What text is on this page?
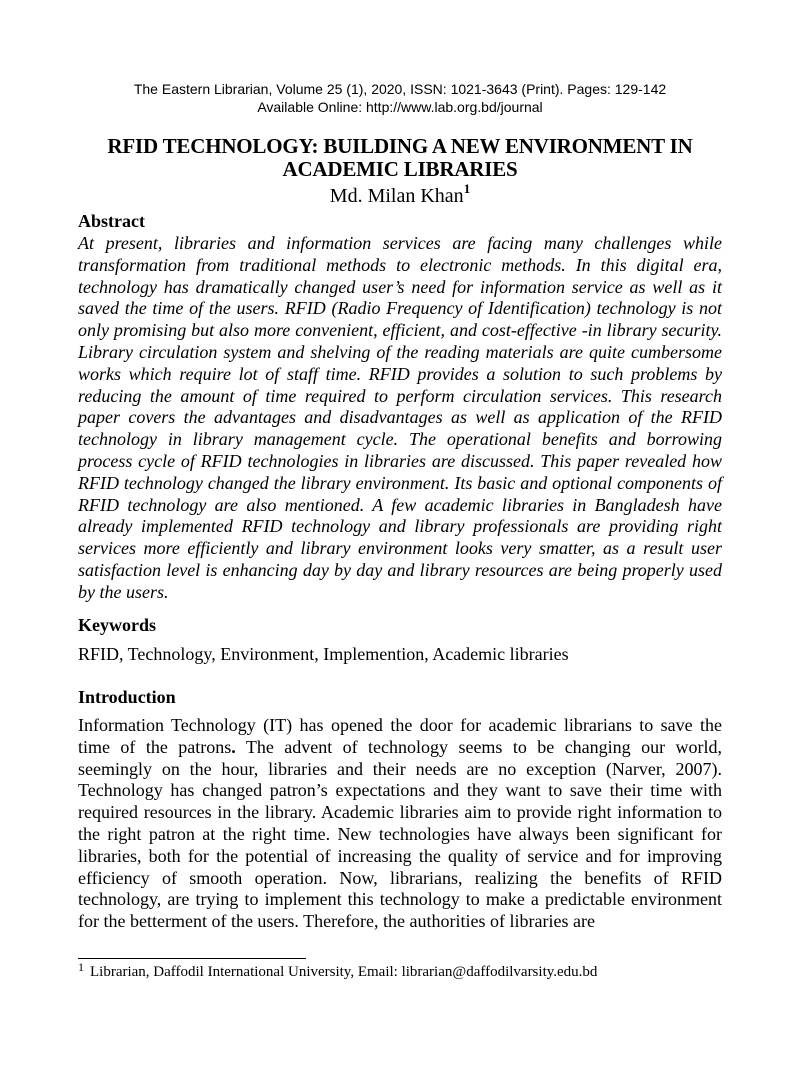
The Eastern Librarian, Volume 25 (1), 2020, ISSN: 1021-3643 (Print). Pages: 129-142
Available Online: http://www.lab.org.bd/journal
RFID TECHNOLOGY: BUILDING A NEW ENVIRONMENT IN
ACADEMIC LIBRARIES
Md. Milan Khan$^1$
Abstract

At present, libraries and information services are facing many challenges while transformation from traditional methods to electronic methods. In this digital era, technology has dramatically changed user’s need for information service as well as it saved the time of the users. RFID (Radio Frequency of Identification) technology is not only promising but also more convenient, efficient, and cost-effective -in library security. Library circulation system and shelving of the reading materials are quite cumbersome works which require lot of staff time. RFID provides a solution to such problems by reducing the amount of time required to perform circulation services. This research paper covers the advantages and disadvantages as well as application of the RFID technology in library management cycle. The operational benefits and borrowing process cycle of RFID technologies in libraries are discussed. This paper revealed how RFID technology changed the library environment. Its basic and optional components of RFID technology are also mentioned. A few academic libraries in Bangladesh have already implemented RFID technology and library professionals are providing right services more efficiently and library environment looks very smatter, as a result user satisfaction level is enhancing day by day and library resources are being properly used by the users.

Keywords

RFID, Technology, Environment, Implemention, Academic libraries

Introduction

Information Technology (IT) has opened the door for academic librarians to save the time of the patrons. The advent of technology seems to be changing our world, seemingly on the hour, libraries and their needs are no exception (Narver, 2007). Technology has changed patron’s expectations and they want to save their time with required resources in the library. Academic libraries aim to provide right information to the right patron at the right time. New technologies have always been significant for libraries, both for the potential of increasing the quality of service and for improving efficiency of smooth operation. Now, librarians, realizing the benefits of RFID technology, are trying to implement this technology to make a predictable environment for the betterment of the users. Therefore, the authorities of libraries are

$^1$ Librarian, Daffodil International University, Email: librarian@daffodilvarsity.edu.bd
